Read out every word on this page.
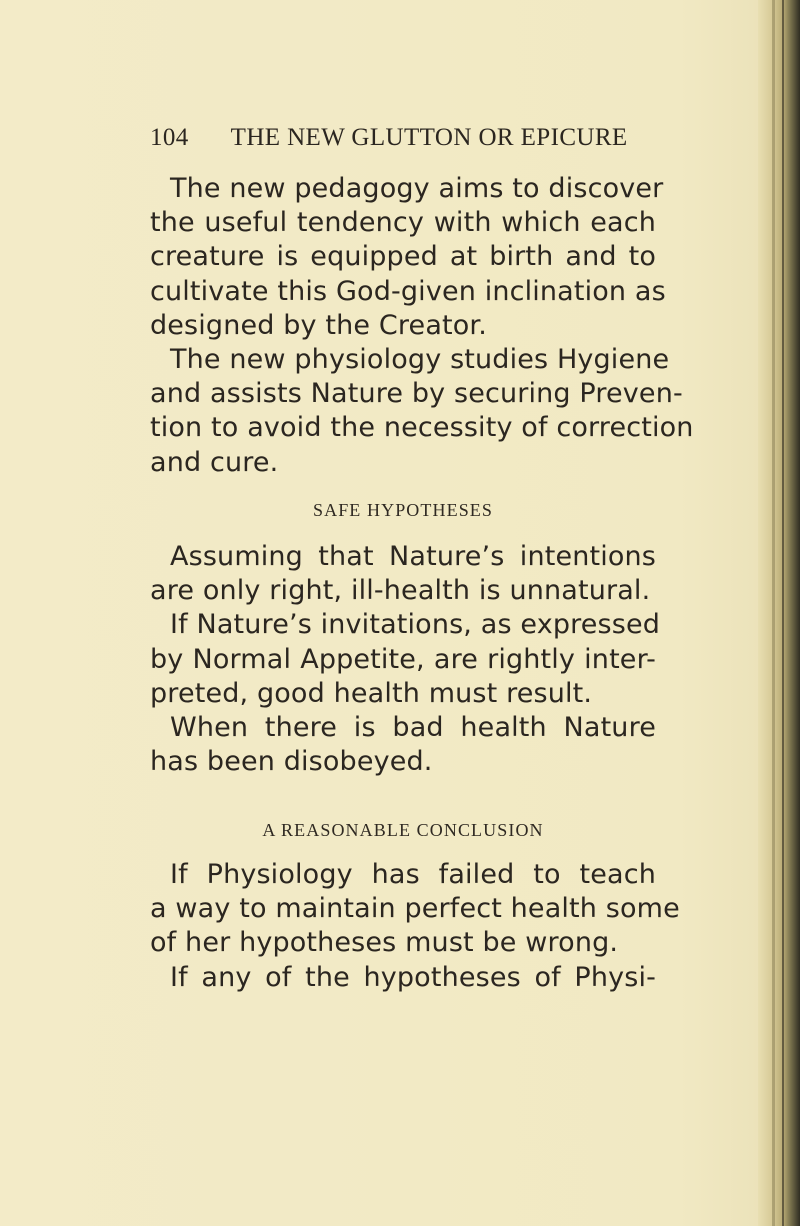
104 THE NEW GLUTTON OR EPICURE
The new pedagogy aims to discover
the useful tendency with which each
creature is equipped at birth and to
cultivate this God-given inclination as
designed by the Creator.
The new physiology studies Hygiene
and assists Nature by securing Preven-
tion to avoid the necessity of correction
and cure.
SAFE HYPOTHESES
Assuming that Nature’s intentions
are only right, ill-health is unnatural.
If Nature’s invitations, as expressed
by Normal Appetite, are rightly inter-
preted, good health must result.
When there is bad health Nature
has been disobeyed.
A REASONABLE CONCLUSION
If Physiology has failed to teach
a way to maintain perfect health some
of her hypotheses must be wrong.
If any of the hypotheses of Physi-
